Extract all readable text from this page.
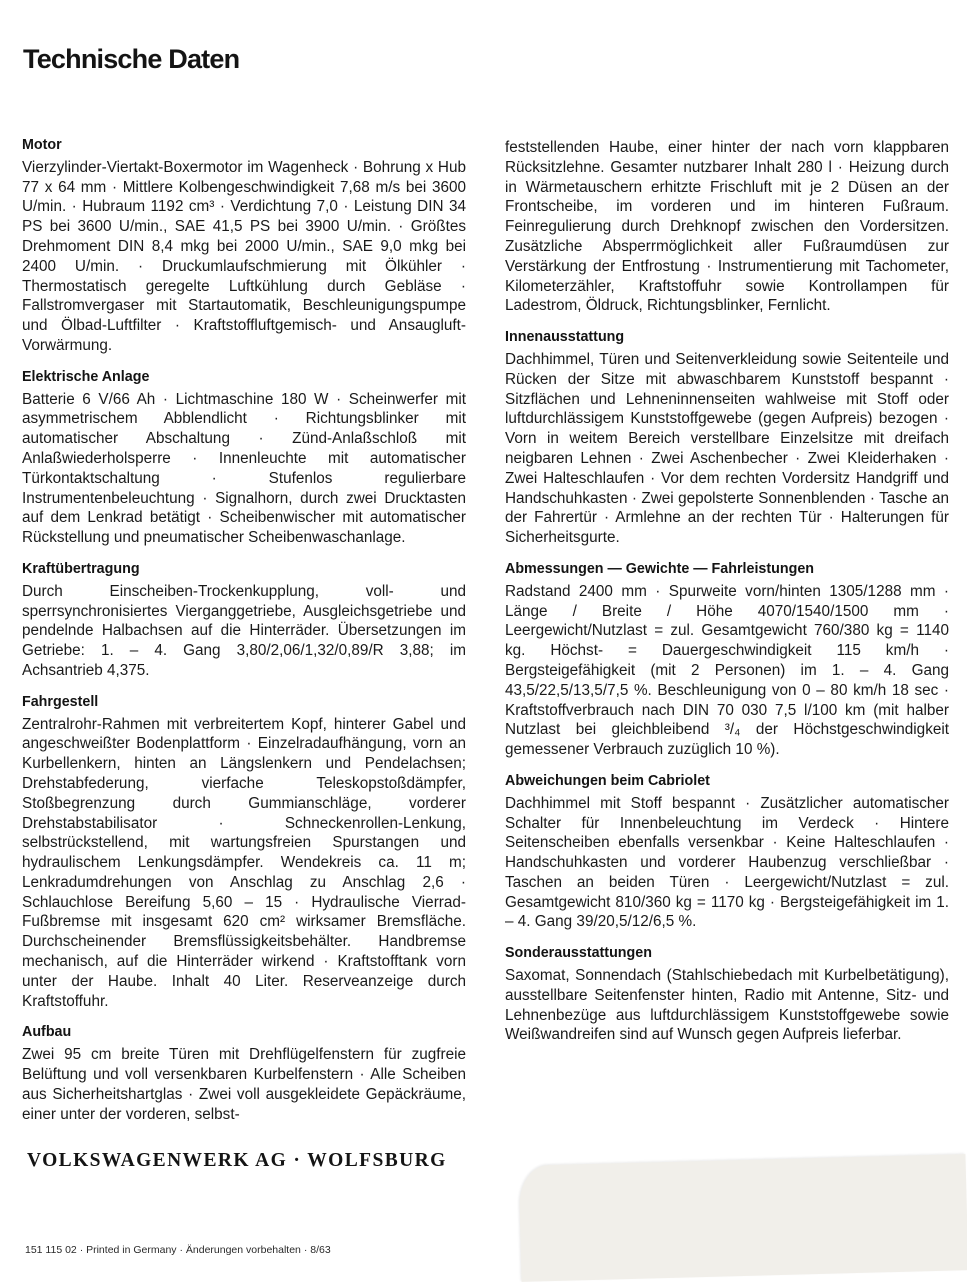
Technische Daten
Motor

Vierzylinder-Viertakt-Boxermotor im Wagenheck · Bohrung x Hub 77 x 64 mm · Mittlere Kolbengeschwindigkeit 7,68 m/s bei 3600 U/min. · Hubraum 1192 cm³ · Verdichtung 7,0 · Leistung DIN 34 PS bei 3600 U/min., SAE 41,5 PS bei 3900 U/min. · Größtes Drehmoment DIN 8,4 mkg bei 2000 U/min., SAE 9,0 mkg bei 2400 U/min. · Druckumlaufschmierung mit Ölkühler · Thermostatisch geregelte Luftkühlung durch Gebläse · Fallstromvergaser mit Startautomatik, Beschleunigungspumpe und Ölbad-Luftfilter · Kraftstoffluftgemisch- und Ansaugluft-Vorwärmung.

Elektrische Anlage

Batterie 6 V/66 Ah · Lichtmaschine 180 W · Scheinwerfer mit asymmetrischem Abblendlicht · Richtungsblinker mit automatischer Abschaltung · Zünd-Anlaßschloß mit Anlaßwiederholsperre · Innenleuchte mit automatischer Türkontaktschaltung · Stufenlos regulierbare Instrumentenbeleuchtung · Signalhorn, durch zwei Drucktasten auf dem Lenkrad betätigt · Scheibenwischer mit automatischer Rückstellung und pneumatischer Scheibenwaschanlage.

Kraftübertragung

Durch Einscheiben-Trockenkupplung, voll- und sperrsynchronisiertes Vierganggetriebe, Ausgleichsgetriebe und pendelnde Halbachsen auf die Hinterräder. Übersetzungen im Getriebe: 1. – 4. Gang 3,80/2,06/1,32/0,89/R 3,88; im Achsantrieb 4,375.

Fahrgestell

Zentralrohr-Rahmen mit verbreitertem Kopf, hinterer Gabel und angeschweißter Bodenplattform · Einzelradaufhängung, vorn an Kurbellenkern, hinten an Längslenkern und Pendelachsen; Drehstabfederung, vierfache Teleskopstoßdämpfer, Stoßbegrenzung durch Gummianschläge, vorderer Drehstabstabilisator · Schneckenrollen-Lenkung, selbstrückstellend, mit wartungsfreien Spurstangen und hydraulischem Lenkungsdämpfer. Wendekreis ca. 11 m; Lenkradumdrehungen von Anschlag zu Anschlag 2,6 · Schlauchlose Bereifung 5,60 – 15 · Hydraulische Vierrad-Fußbremse mit insgesamt 620 cm² wirksamer Bremsfläche. Durchscheinender Bremsflüssigkeitsbehälter. Handbremse mechanisch, auf die Hinterräder wirkend · Kraftstofftank vorn unter der Haube. Inhalt 40 Liter. Reserveanzeige durch Kraftstoffuhr.

Aufbau

Zwei 95 cm breite Türen mit Drehflügelfenstern für zugfreie Belüftung und voll versenkbaren Kurbelfenstern · Alle Scheiben aus Sicherheitshartglas · Zwei voll ausgekleidete Gepäckräume, einer unter der vorderen, selbst-

feststellenden Haube, einer hinter der nach vorn klappbaren Rücksitzlehne. Gesamter nutzbarer Inhalt 280 l · Heizung durch in Wärmetauschern erhitzte Frischluft mit je 2 Düsen an der Frontscheibe, im vorderen und im hinteren Fußraum. Feinregulierung durch Drehknopf zwischen den Vordersitzen. Zusätzliche Absperrmöglichkeit aller Fußraumdüsen zur Verstärkung der Entfrostung · Instrumentierung mit Tachometer, Kilometerzähler, Kraftstoffuhr sowie Kontrollampen für Ladestrom, Öldruck, Richtungsblinker, Fernlicht.

Innenausstattung

Dachhimmel, Türen und Seitenverkleidung sowie Seitenteile und Rücken der Sitze mit abwaschbarem Kunststoff bespannt · Sitzflächen und Lehneninnenseiten wahlweise mit Stoff oder luftdurchlässigem Kunststoffgewebe (gegen Aufpreis) bezogen · Vorn in weitem Bereich verstellbare Einzelsitze mit dreifach neigbaren Lehnen · Zwei Aschenbecher · Zwei Kleiderhaken · Zwei Halteschlaufen · Vor dem rechten Vordersitz Handgriff und Handschuhkasten · Zwei gepolsterte Sonnenblenden · Tasche an der Fahrertür · Armlehne an der rechten Tür · Halterungen für Sicherheitsgurte.

Abmessungen — Gewichte — Fahrleistungen

Radstand 2400 mm · Spurweite vorn/hinten 1305/1288 mm · Länge / Breite / Höhe 4070/1540/1500 mm · Leergewicht/Nutzlast = zul. Gesamtgewicht 760/380 kg = 1140 kg. Höchst- = Dauergeschwindigkeit 115 km/h · Bergsteigefähigkeit (mit 2 Personen) im 1. – 4. Gang 43,5/22,5/13,5/7,5 %. Beschleunigung von 0 – 80 km/h 18 sec · Kraftstoffverbrauch nach DIN 70 030 7,5 l/100 km (mit halber Nutzlast bei gleichbleibend ³/₄ der Höchstgeschwindigkeit gemessener Verbrauch zuzüglich 10 %).

Abweichungen beim Cabriolet

Dachhimmel mit Stoff bespannt · Zusätzlicher automatischer Schalter für Innenbeleuchtung im Verdeck · Hintere Seitenscheiben ebenfalls versenkbar · Keine Halteschlaufen · Handschuhkasten und vorderer Haubenzug verschließbar · Taschen an beiden Türen · Leergewicht/Nutzlast = zul. Gesamtgewicht 810/360 kg = 1170 kg · Bergsteigefähigkeit im 1. – 4. Gang 39/20,5/12/6,5 %.

Sonderausstattungen

Saxomat, Sonnendach (Stahlschiebedach mit Kurbelbetätigung), ausstellbare Seitenfenster hinten, Radio mit Antenne, Sitz- und Lehnenbezüge aus luftdurchlässigem Kunststoffgewebe sowie Weißwandreifen sind auf Wunsch gegen Aufpreis lieferbar.

VOLKSWAGENWERK AG · WOLFSBURG
151 115 02 · Printed in Germany · Änderungen vorbehalten · 8/63
